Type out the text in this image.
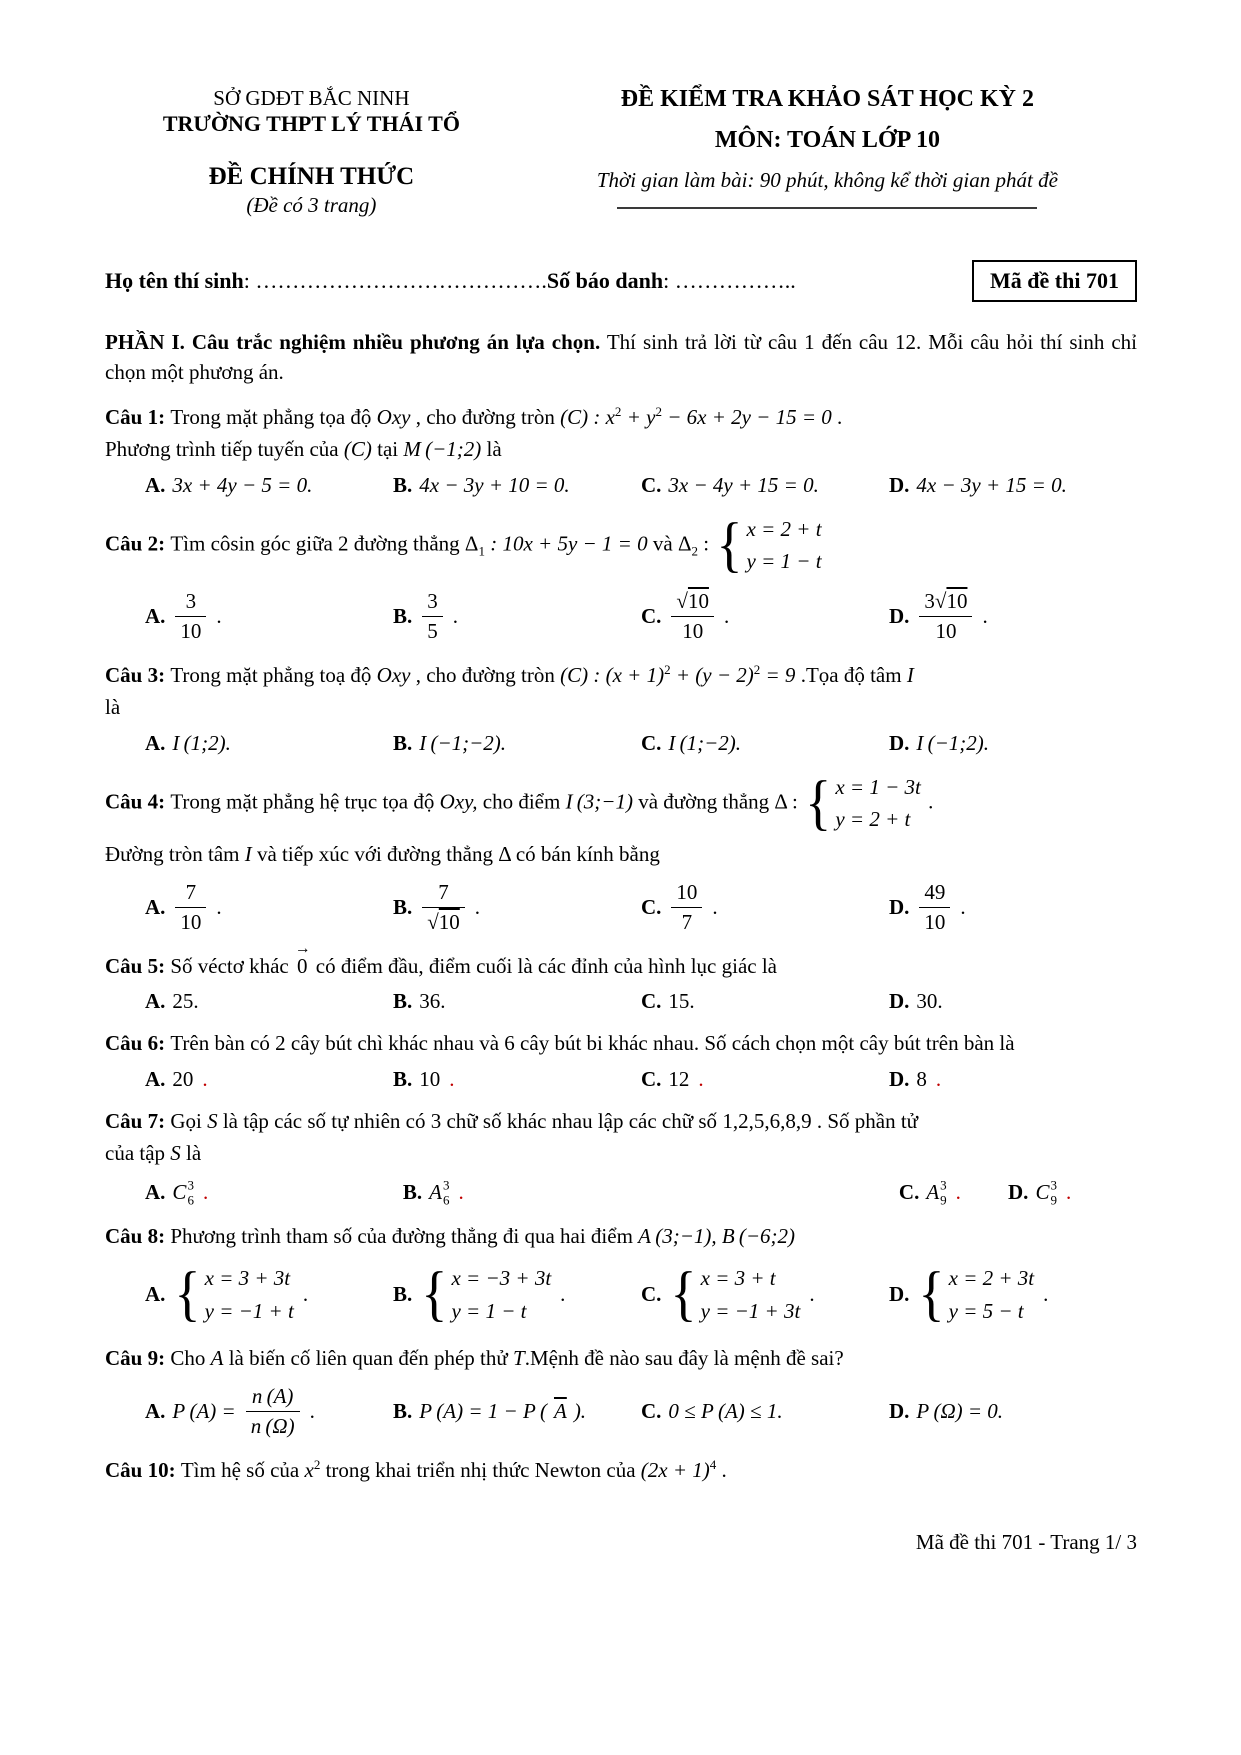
SỞ GDĐT BẮC NINH
TRƯỜNG THPT LÝ THÁI TỔ
ĐỀ CHÍNH THỨC
(Đề có 3 trang)
ĐỀ KIỂM TRA KHẢO SÁT HỌC KỲ 2
MÔN: TOÁN LỚP 10
Thời gian làm bài: 90 phút, không kể thời gian phát đề
Họ tên thí sinh: ………………………………….Số báo danh: ……………..	Mã đề thi 701
PHẦN I. Câu trắc nghiệm nhiều phương án lựa chọn. Thí sinh trả lời từ câu 1 đến câu 12. Mỗi câu hỏi thí sinh chỉ chọn một phương án.
Câu 1: Trong mặt phẳng tọa độ Oxy , cho đường tròn (C) : $x^2 + y^2 - 6x + 2y - 15 = 0$ .
Phương trình tiếp tuyến của (C) tại M (−1;2) là
A. 3x + 4y − 5 = 0.	B. 4x − 3y + 10 = 0.	C. 3x − 4y + 15 = 0.	D. 4x − 3y + 15 = 0.
Câu 2: Tìm côsin góc giữa 2 đường thẳng $\Delta_1$ : 10x + 5y − 1 = 0 và $\Delta_2$ : { x = 2 + t
y = 1 − t
A. $\frac{3}{10}$ .	B. $\frac{3}{5}$ .	C. $\frac{√10}{10}$ .	D. $\frac{3√10}{10}$ .
Câu 3: Trong mặt phẳng toạ độ Oxy , cho đường tròn (C) : $(x + 1)^2 + (y - 2)^2 = 9$ .Tọa độ tâm I
là
A. I (1;2).	B. I (−1;−2).	C. I (1;−2).	D. I (−1;2).
Câu 4: Trong mặt phẳng hệ trục tọa độ Oxy, cho điểm I (3;−1) và đường thẳng Δ : { x = 1 − 3t
y = 2 + t
.
Đường tròn tâm I và tiếp xúc với đường thẳng Δ có bán kính bằng
A. $\frac{7}{10}$ .	B. $\frac{7}{√10}$ .	C. $\frac{10}{7}$ .	D. $\frac{49}{10}$ .
Câu 5: Số véctơ khác
→
0 có điểm đầu, điểm cuối là các đỉnh của hình lục giác là
A. 25.	B. 36.	C. 15.	D. 30.
Câu 6: Trên bàn có 2 cây bút chì khác nhau và 6 cây bút bi khác nhau. Số cách chọn một cây bút trên bàn là
A. 20 .	B. 10 .	C. 12 .	D. 8 .
Câu 7: Gọi S là tập các số tự nhiên có 3 chữ số khác nhau lập các chữ số 1,2,5,6,8,9 . Số phần tử
của tập S là
A. C 3
6 .	B. A 3
6 .	C. A 3
9 . D. C 3
9 .
Câu 8: Phương trình tham số của đường thẳng đi qua hai điểm A (3;−1), B (−6;2)
A. { x = 3 + 3t
y = −1 + t
.	B. { x = −3 + 3t
y = 1 − t
.	C. { x = 3 + t
y = −1 + 3t
.	D. { x = 2 + 3t
y = 5 − t
.
Câu 9: Cho A là biến cố liên quan đến phép thử T.Mệnh đề nào sau đây là mệnh đề sai?
A. P $(A) = \frac{n (A)}{n (\Omega)}$ .	B. P (A) = 1 − P ( $\overline{A}$ ).	C. 0 ≤ P (A) ≤ 1.	D. P (Ω) = 0.
Câu 10: Tìm hệ số của $x^2$ trong khai triển nhị thức Newton của $(2x + 1)^4$ .
Mã đề thi 701 - Trang 1/ 3
